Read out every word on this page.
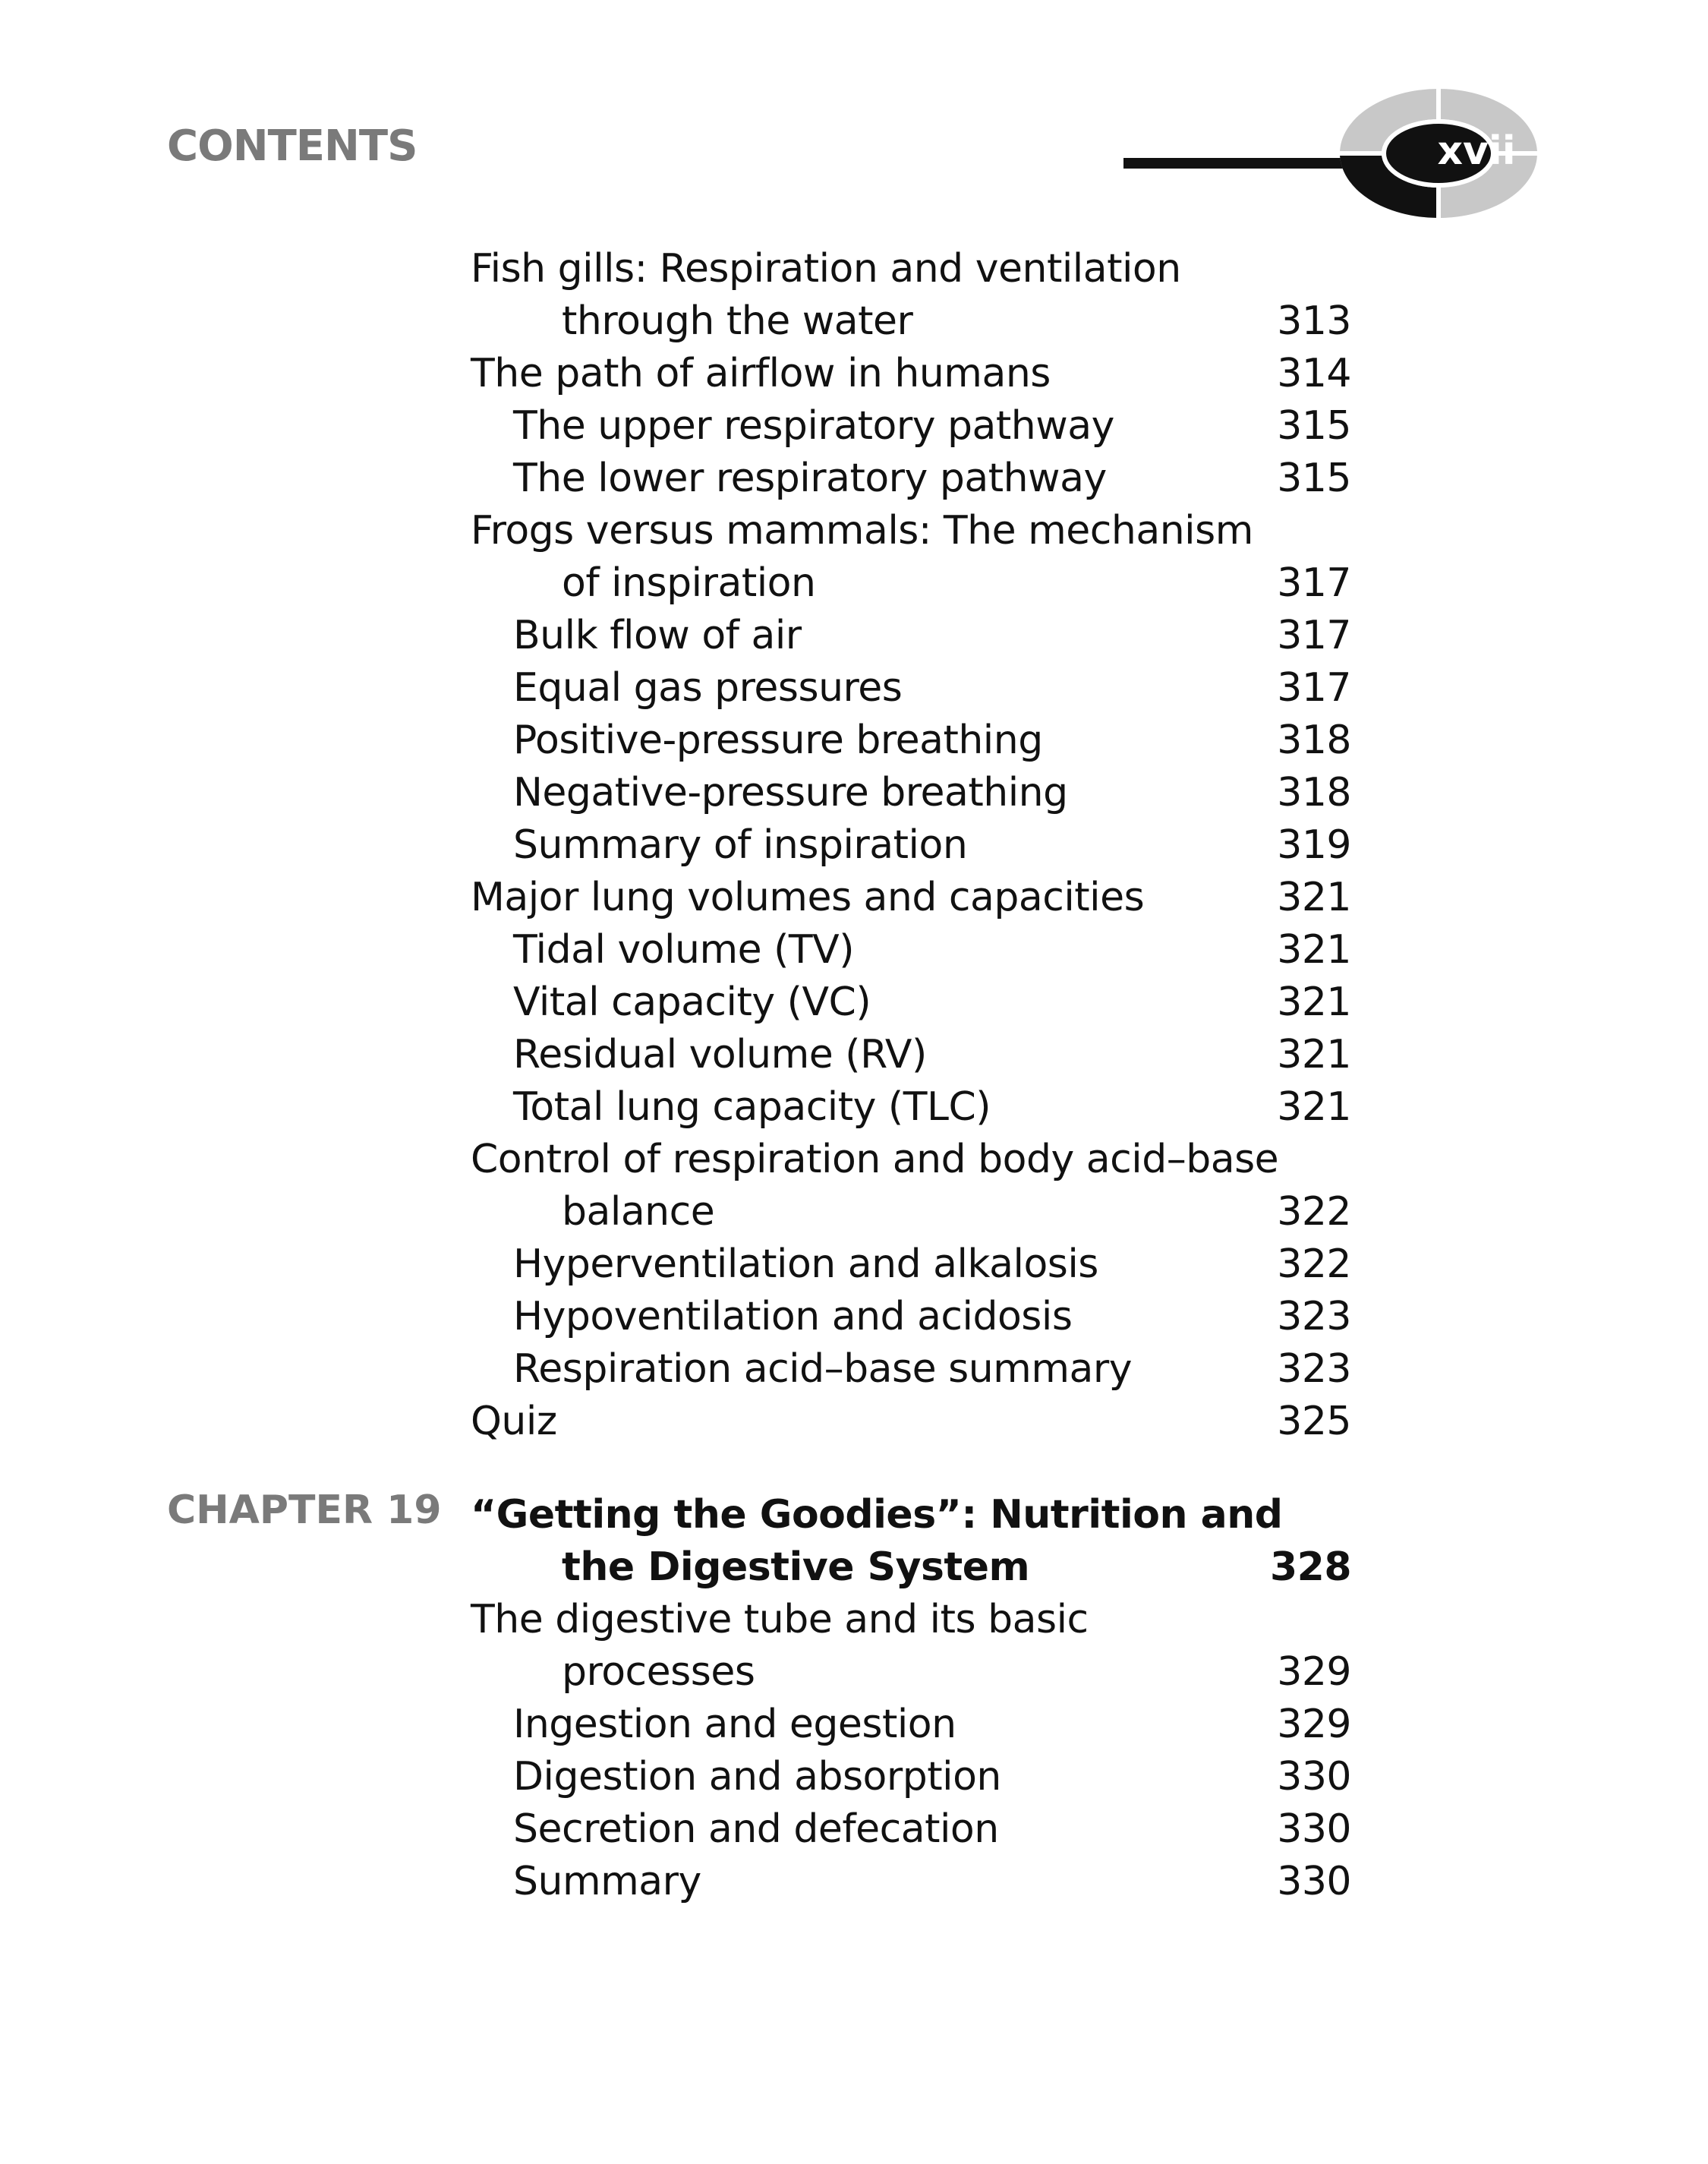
CONTENTS	xvii
CHAPTER 19
Fish gills: Respiration and ventilation
through the water	313
The path of airflow in humans	314
The upper respiratory pathway	315
The lower respiratory pathway	315
Frogs versus mammals: The mechanism
of inspiration	317
Bulk flow of air	317
Equal gas pressures	317
Positive-pressure breathing	318
Negative-pressure breathing	318
Summary of inspiration	319
Major lung volumes and capacities	321
Tidal volume (TV)	321
Vital capacity (VC)	321
Residual volume (RV)	321
Total lung capacity (TLC)	321
Control of respiration and body acid–base
balance	322
Hyperventilation and alkalosis	322
Hypoventilation and acidosis	323
Respiration acid–base summary	323
Quiz	325
“Getting the Goodies”: Nutrition and
the Digestive System	328
The digestive tube and its basic
processes	329
Ingestion and egestion	329
Digestion and absorption	330
Secretion and defecation	330
Summary	330
